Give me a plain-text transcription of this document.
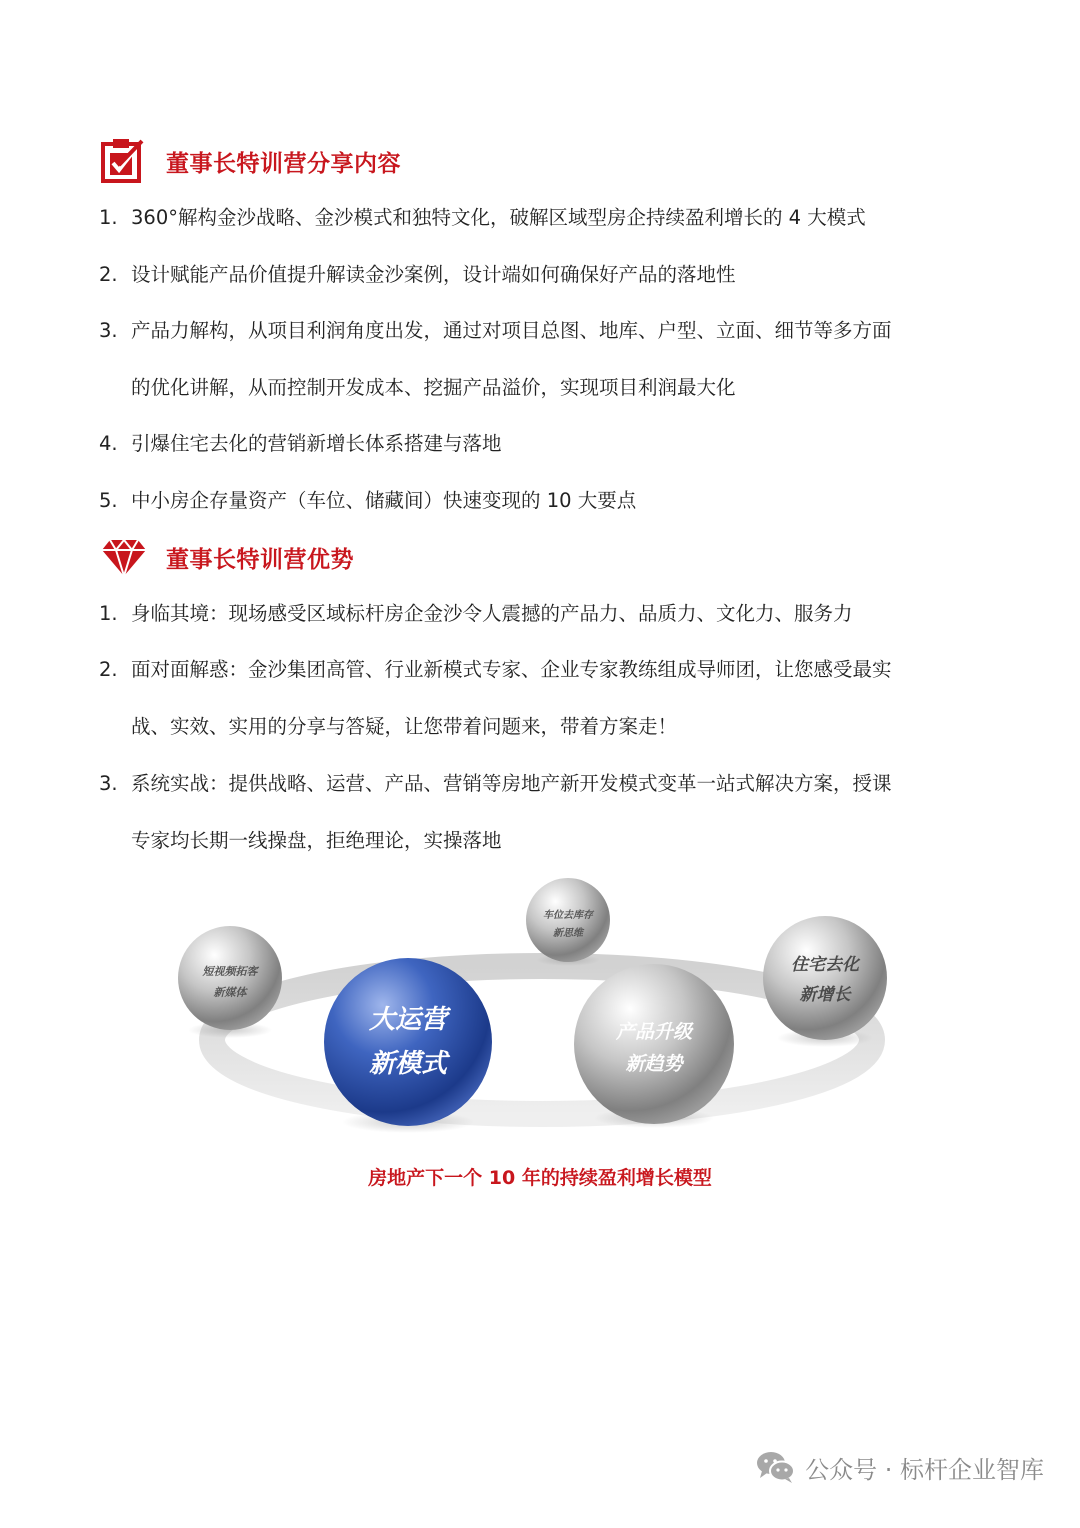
董事长特训营分享内容
1. 360°解构金沙战略、金沙模式和独特文化，破解区域型房企持续盈利增长的 4 大模式
2. 设计赋能产品价值提升解读金沙案例，设计端如何确保好产品的落地性
3. 产品力解构，从项目利润角度出发，通过对项目总图、地库、户型、立面、细节等多方面
的优化讲解，从而控制开发成本、挖掘产品溢价，实现项目利润最大化
4. 引爆住宅去化的营销新增长体系搭建与落地
5. 中小房企存量资产（车位、储藏间）快速变现的 10 大要点
董事长特训营优势
1. 身临其境：现场感受区域标杆房企金沙令人震撼的产品力、品质力、文化力、服务力
2. 面对面解惑：金沙集团高管、行业新模式专家、企业专家教练组成导师团，让您感受最实
战、实效、实用的分享与答疑，让您带着问题来，带着方案走！
3. 系统实战：提供战略、运营、产品、营销等房地产新开发模式变革一站式解决方案，授课
专家均长期一线操盘，拒绝理论，实操落地
短视频拓客
新媒体
车位去库存
新思维
住宅去化
新增长
产品升级
新趋势
大运营
新模式
房地产下一个 10 年的持续盈利增长模型
公众号 · 标杆企业智库
